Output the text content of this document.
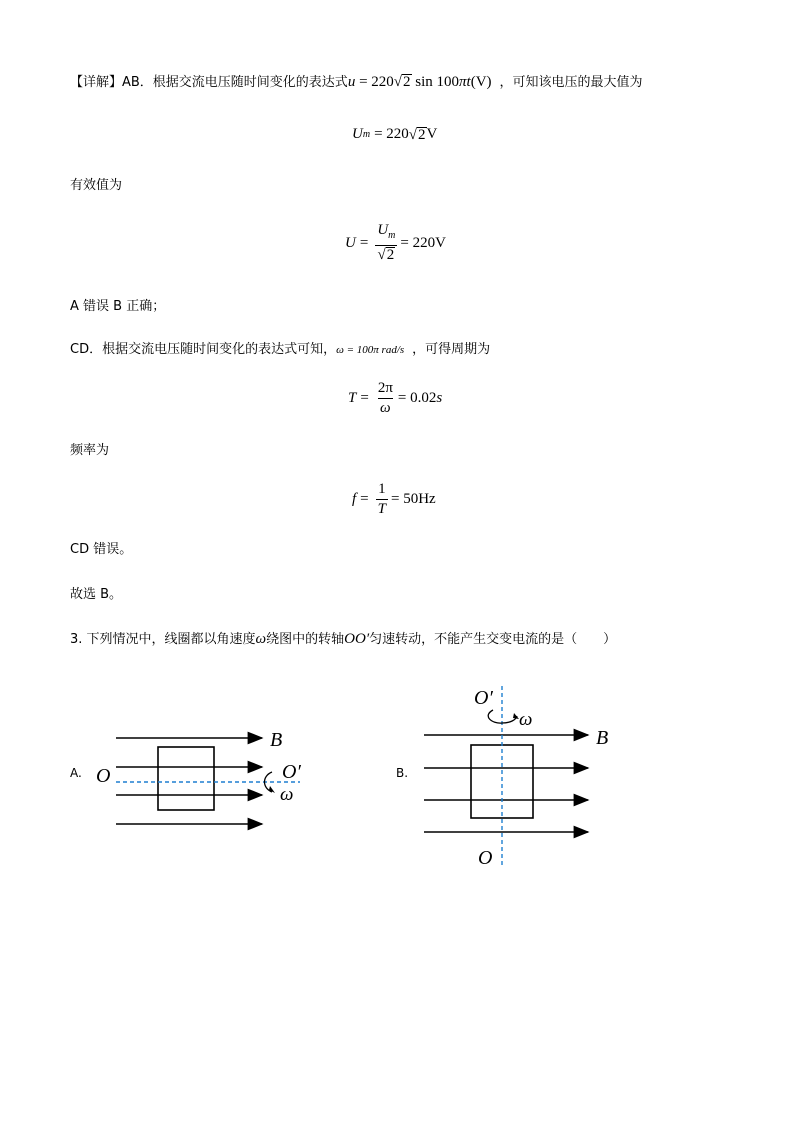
【详解】AB．根据交流电压随时间变化的表达式u = 220 √ 2 sin 100πt(V) ，可知该电压的最大值为
U m = 220 √ 2 V
有效值为
$U = \frac{U_m}{√ 2} = 220V$
A 错误 B 正确；
CD．根据交流电压随时间变化的表达式可知，ω = 100π rad/s ，可得周期为
$T = \frac{2\pi}{\omega} = 0.02$ s
频率为
$f = \frac{1}{T} = 50Hz$
CD 错误。
故选 B。
3. 下列情况中，线圈都以角速度ω绕图中的转轴OO′匀速转动，不能产生交变电流的是（　　）
A.
B
O	O′
ω
B.
O′
ω
B
O
